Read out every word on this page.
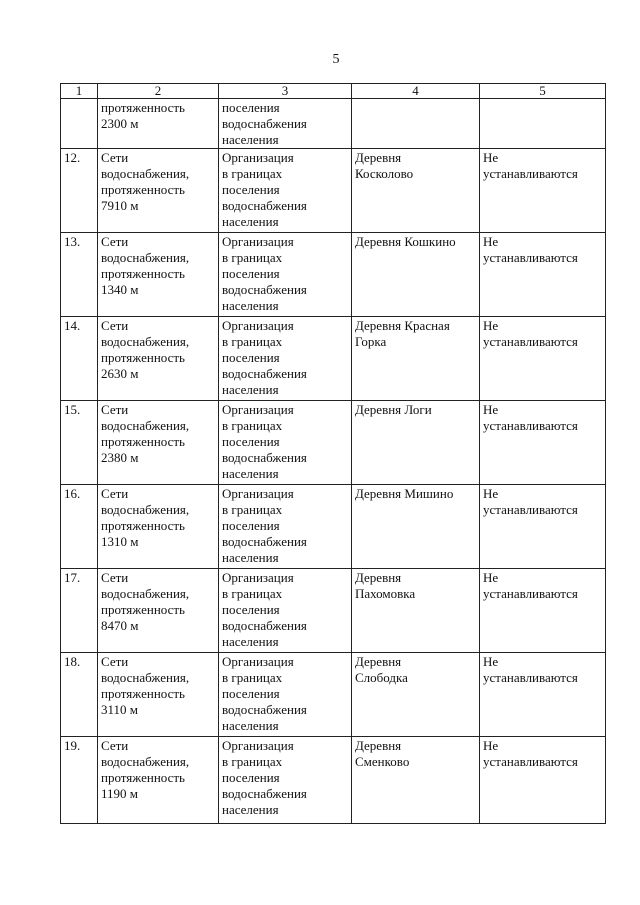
5
1	2	3	4	5

	протяженность
2300 м	поселения
водоснабжения
населения		

12.	Сети
водоснабжения,
протяженность
7910 м	Организация
в границах
поселения
водоснабжения
населения	Деревня
Косколово	Не
устанавливаются

13.	Сети
водоснабжения,
протяженность
1340 м	Организация
в границах
поселения
водоснабжения
населения	Деревня Кошкино	Не
устанавливаются

14.	Сети
водоснабжения,
протяженность
2630 м	Организация
в границах
поселения
водоснабжения
населения	Деревня Красная
Горка	Не
устанавливаются

15.	Сети
водоснабжения,
протяженность
2380 м	Организация
в границах
поселения
водоснабжения
населения	Деревня Логи	Не
устанавливаются

16.	Сети
водоснабжения,
протяженность
1310 м	Организация
в границах
поселения
водоснабжения
населения	Деревня Мишино	Не
устанавливаются

17.	Сети
водоснабжения,
протяженность
8470 м	Организация
в границах
поселения
водоснабжения
населения	Деревня
Пахомовка	Не
устанавливаются

18.	Сети
водоснабжения,
протяженность
3110 м	Организация
в границах
поселения
водоснабжения
населения	Деревня
Слободка	Не
устанавливаются

19.	Сети
водоснабжения,
протяженность
1190 м	Организация
в границах
поселения
водоснабжения
населения	Деревня
Сменково	Не
устанавливаются
